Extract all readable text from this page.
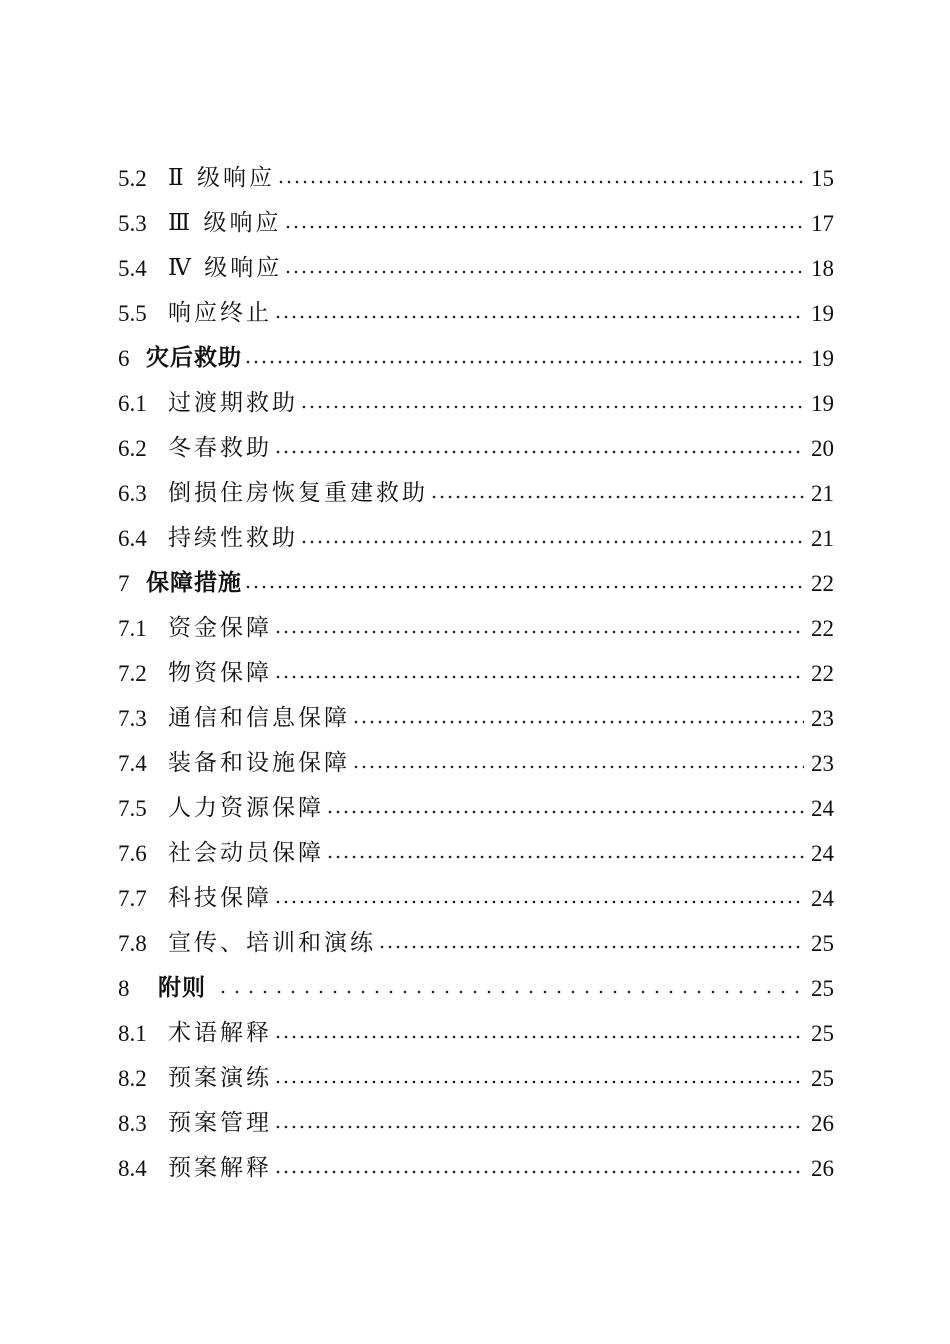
5.2 Ⅱ 级响应	15
5.3 Ⅲ 级响应	17
5.4 Ⅳ 级响应	18
5.5 响应终止	19
6 灾后救助	19
6.1 过渡期救助	19
6.2 冬春救助	20
6.3 倒损住房恢复重建救助	21
6.4 持续性救助	21
7 保障措施	22
7.1 资金保障	22
7.2 物资保障	22
7.3 通信和信息保障	23
7.4 装备和设施保障	23
7.5 人力资源保障	24
7.6 社会动员保障	24
7.7 科技保障	24
7.8 宣传、培训和演练	25
8	附则	25
8.1 术语解释	25
8.2 预案演练	25
8.3 预案管理	26
8.4 预案解释	26
